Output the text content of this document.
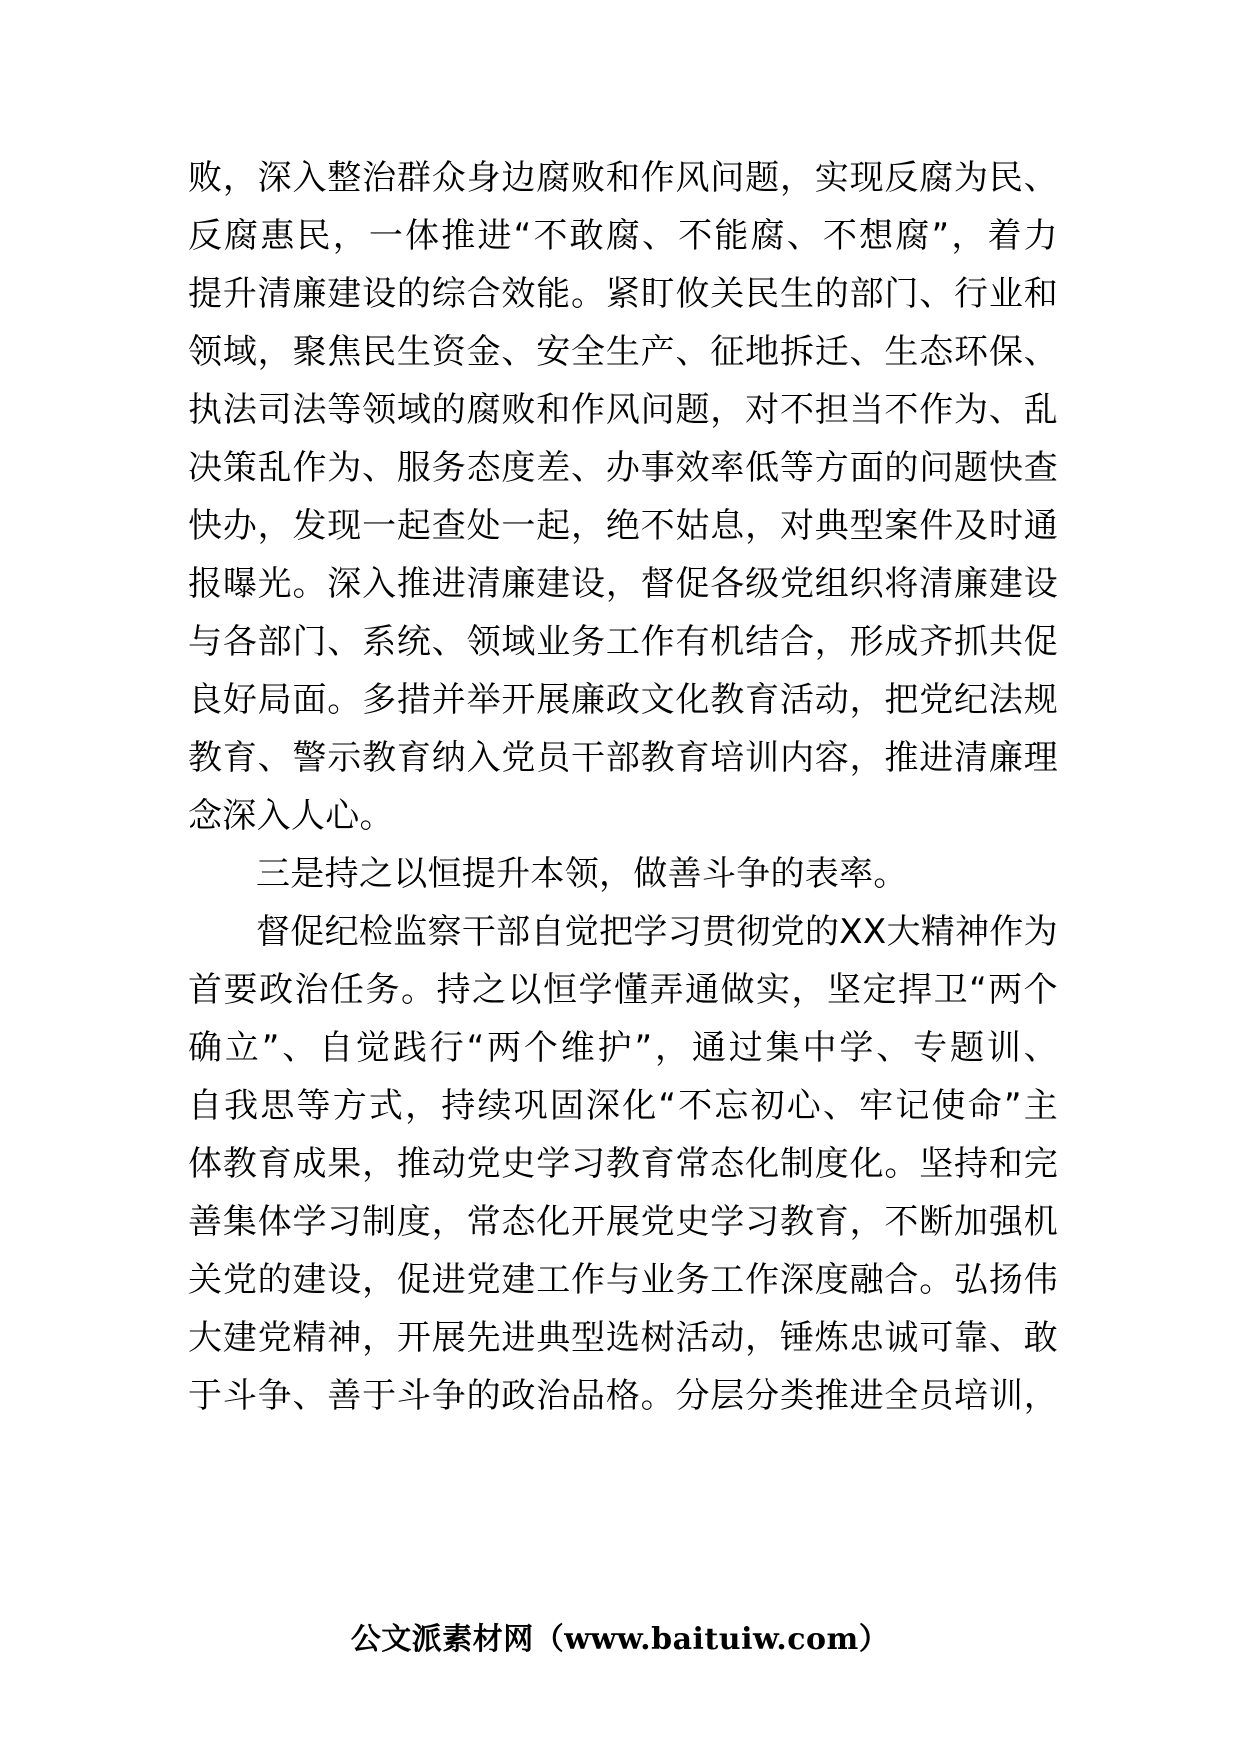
败，深入整治群众身边腐败和作风问题，实现反腐为民、
反腐惠民，一体推进“不敢腐、不能腐、不想腐”，着力
提升清廉建设的综合效能。紧盯攸关民生的部门、行业和
领域，聚焦民生资金、安全生产、征地拆迁、生态环保、
执法司法等领域的腐败和作风问题，对不担当不作为、乱
决策乱作为、服务态度差、办事效率低等方面的问题快查
快办，发现一起查处一起，绝不姑息，对典型案件及时通
报曝光。深入推进清廉建设，督促各级党组织将清廉建设
与各部门、系统、领域业务工作有机结合，形成齐抓共促
良好局面。多措并举开展廉政文化教育活动，把党纪法规
教育、警示教育纳入党员干部教育培训内容，推进清廉理
念深入人心。
三是持之以恒提升本领，做善斗争的表率。
督促纪检监察干部自觉把学习贯彻党的XX大精神作为
首要政治任务。持之以恒学懂弄通做实，坚定捍卫“两个
确立”、自觉践行“两个维护”，通过集中学、专题训、
自我思等方式，持续巩固深化“不忘初心、牢记使命”主
体教育成果，推动党史学习教育常态化制度化。坚持和完
善集体学习制度，常态化开展党史学习教育，不断加强机
关党的建设，促进党建工作与业务工作深度融合。弘扬伟
大建党精神，开展先进典型选树活动，锤炼忠诚可靠、敢
于斗争、善于斗争的政治品格。分层分类推进全员培训，
公文派素材网（www.baituiw.com）
